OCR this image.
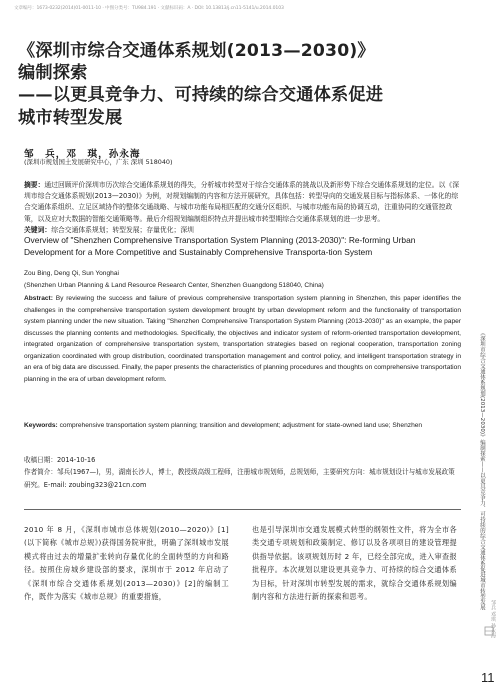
文章编号：1673-0232(2014)01-0011-10 · 中图分类号：TU984.191 · 文献标识码：A · DOI: 10.13813/j.cn11-5141/u.2014.0103
《深圳市综合交通体系规划(2013—2030)》
编制探索
——以更具竞争力、可持续的综合交通体系促进
城市转型发展
邹　兵，邓　琪，孙永海
(深圳市规划国土发展研究中心，广东 深圳 518040)
摘要：通过回顾评价深圳市历次综合交通体系规划的得失，分析城市转型对于综合交通体系的挑战以及新形势下综合交通体系规划的定位。以《深圳市综合交通体系规划(2013—2030)》为例，对规划编制的内容和方法开展研究，具体包括：转型导向的交通发展目标与指标体系、一体化的综合交通体系组织、立足区域协作的整体交通战略、与城市功能布局相匹配的交通分区组织、与城市功能布局的协调互动，注重协同的交通管控政策，以及应对大数据的智能交通策略等。最后介绍规划编制组织特点并提出城市转型期综合交通体系规划的进一步思考。
关键词：综合交通体系规划；转型发展；存量优化；深圳
Overview of "Shenzhen Comprehensive Transportation System Planning (2013-2030)": Re-forming Urban Development for a More Competitive and Sustainably Comprehensive Transporta-tion System
Zou Bing, Deng Qi, Sun Yonghai
(Shenzhen Urban Planning & Land Resource Research Center, Shenzhen Guangdong 518040, China)
Abstract: By reviewing the success and failure of previous comprehensive transportation system planning in Shenzhen, this paper identifies the challenges in the comprehensive transportation system development brought by urban development reform and the functionality of transportation system planning under the new situation. Taking "Shenzhen Comprehensive Transportation System Planning (2013-2030)" as an example, the paper discusses the planning contents and methodologies. Specifically, the objectives and indicator system of reform-oriented transportation development, integrated organization of comprehensive transportation system, transportation strategies based on regional cooperation, transportation zoning organization coordinated with group distribution, coordinated transportation management and control policy, and intelligent transportation strategy in an era of big data are discussed. Finally, the paper presents the characteristics of planning procedures and thoughts on comprehensive transportation planning in the era of urban development reform.
Keywords: comprehensive transportation system planning; transition and development; adjustment for state-owned land use; Shenzhen
收稿日期：2014-10-16
作者简介：邹兵(1967—)，男，湖南长沙人，博士，教授级高级工程师，注册城市规划师，总规划师，主要研究方向：城市规划设计与城市发展政策研究。E-mail: zoubing323@21cn.com
2010 年 8 月，《深圳市城市总体规划(2010—2020)》[1](以下简称《城市总规》)获得国务院审批，明确了深圳城市发展模式将由过去的增量扩张转向存量优化的全面转型的方向和路径。按照住房城乡建设部的要求，深圳市于 2012 年启动了《深圳市综合交通体系规划(2013—2030)》[2]的编制工作，既作为落实《城市总规》的重要措施，
也是引导深圳市交通发展模式转型的纲领性文件，将为全市各类交通专项规划和政策制定、修订以及各项项目的建设管理提供指导依据。该项规划历时 2 年，已经全部完成，进入审查报批程序。本次规划以建设更具竞争力、可持续的综合交通体系为目标，针对深圳市转型发展的需求，就综合交通体系规划编制内容和方法进行新的探索和思考。	《深圳市综合交通体系规划(2013—2030)》编制探索——以更具竞争力、可持续的综合交通体系促进城市转型发展
邹兵 邓琪 孙永海
11
